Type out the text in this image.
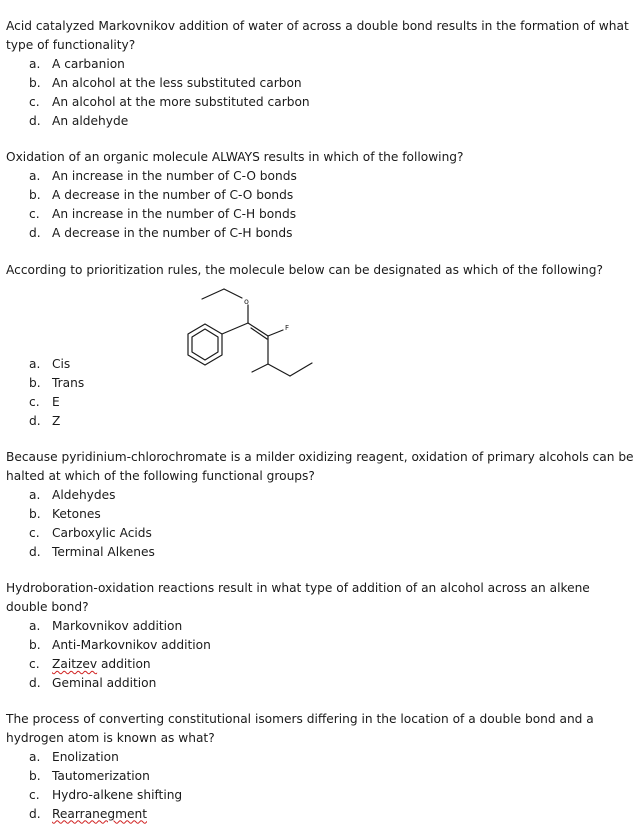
Acid catalyzed Markovnikov addition of water of across a double bond results in the formation of what
type of functionality?

a. A carbanion
b. An alcohol at the less substituted carbon
c. An alcohol at the more substituted carbon
d. An aldehyde

Oxidation of an organic molecule ALWAYS results in which of the following?

a. An increase in the number of C-O bonds
b. A decrease in the number of C-O bonds
c. An increase in the number of C-H bonds
d. A decrease in the number of C-H bonds

According to prioritization rules, the molecule below can be designated as which of the following?

a. Cis
b. Trans
c. E
d. Z
o
F

Because pyridinium-chlorochromate is a milder oxidizing reagent, oxidation of primary alcohols can be
halted at which of the following functional groups?

a. Aldehydes
b. Ketones
c. Carboxylic Acids
d. Terminal Alkenes

Hydroboration-oxidation reactions result in what type of addition of an alcohol across an alkene
double bond?

a. Markovnikov addition
b. Anti-Markovnikov addition
c. Zaitzev addition
d. Geminal addition

The process of converting constitutional isomers differing in the location of a double bond and a
hydrogen atom is known as what?

a. Enolization
b. Tautomerization
c. Hydro-alkene shifting
d. Rearranegment
